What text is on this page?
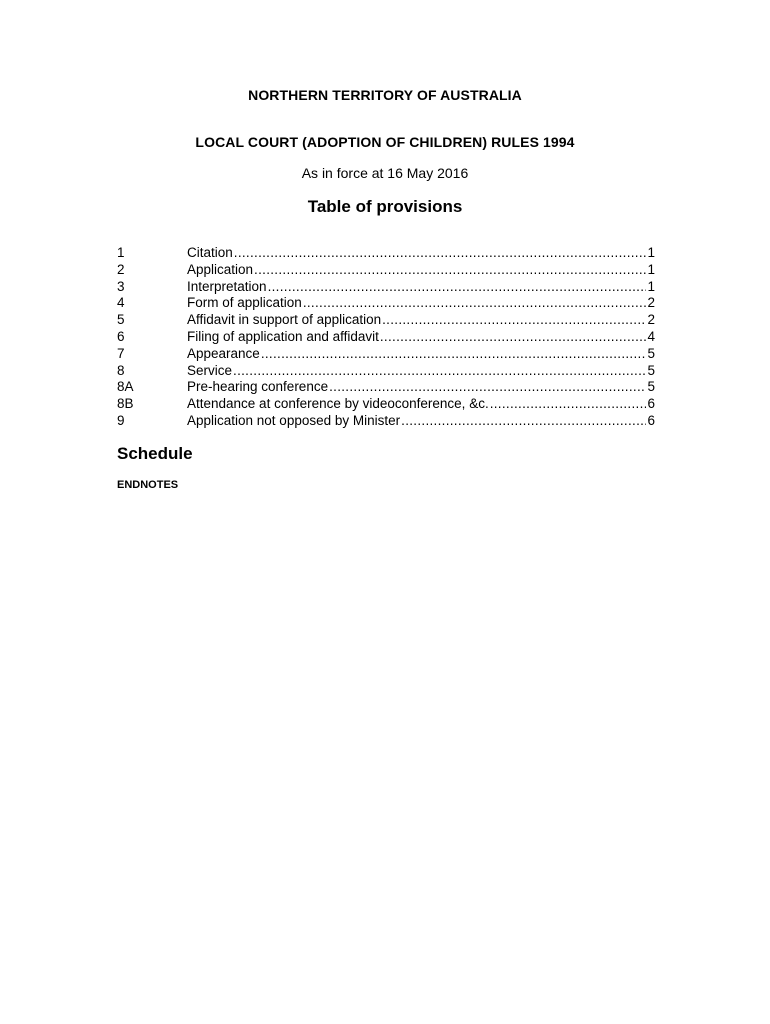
NORTHERN TERRITORY OF AUSTRALIA
LOCAL COURT (ADOPTION OF CHILDREN) RULES 1994
As in force at 16 May 2016
Table of provisions
1	Citation .....	1
2	Application .....	1
3	Interpretation .....	1
4	Form of application .....	2
5	Affidavit in support of application .....	2
6	Filing of application and affidavit .....	4
7	Appearance .....	5
8	Service .....	5
8A	Pre-hearing conference .....	5
8B	Attendance at conference by videoconference, &c. .....	6
9	Application not opposed by Minister .....	6
Schedule
ENDNOTES
